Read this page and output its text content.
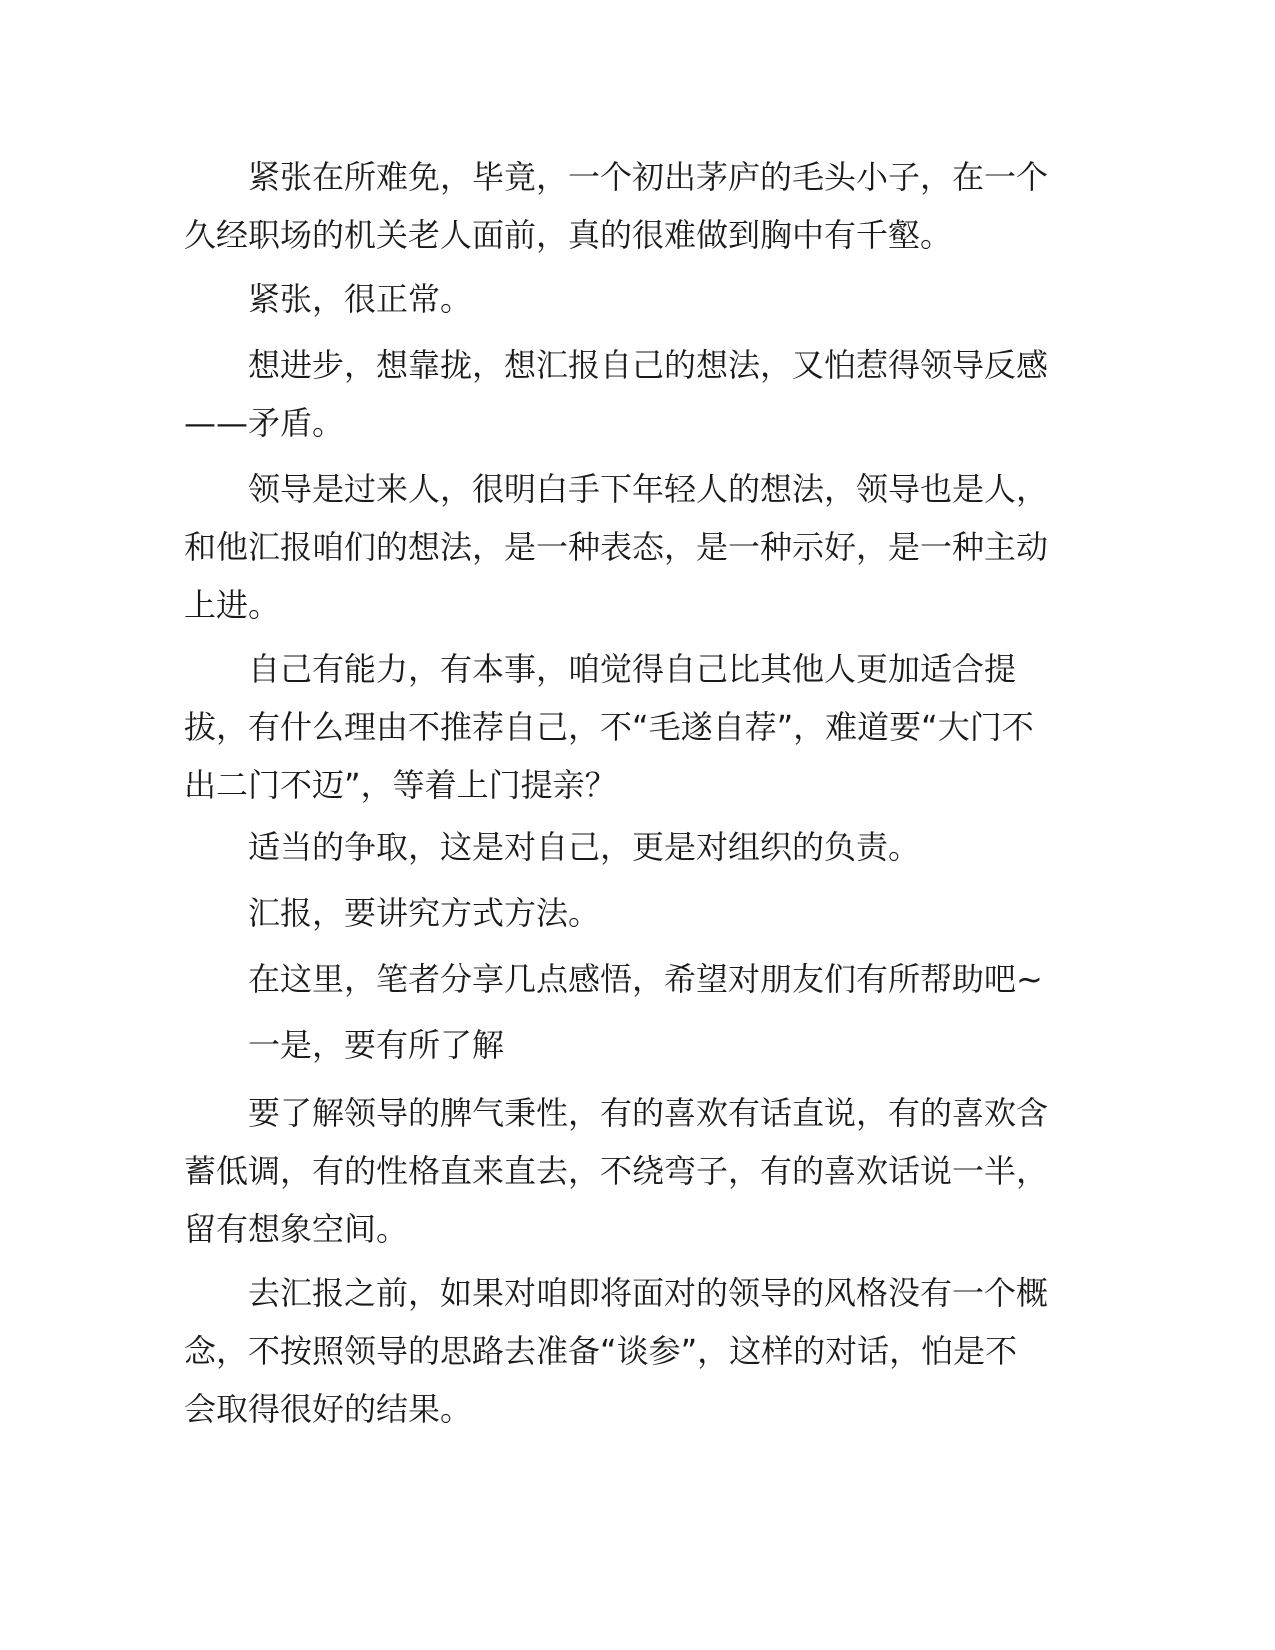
紧张在所难免，毕竟，一个初出茅庐的毛头小子，在一个
久经职场的机关老人面前，真的很难做到胸中有千壑。

紧张，很正常。

想进步，想靠拢，想汇报自己的想法，又怕惹得领导反感
——矛盾。

领导是过来人，很明白手下年轻人的想法，领导也是人，
和他汇报咱们的想法，是一种表态，是一种示好，是一种主动
上进。

自己有能力，有本事，咱觉得自己比其他人更加适合提
拔，有什么理由不推荐自己，不“毛遂自荐”，难道要“大门不
出二门不迈”，等着上门提亲？

适当的争取，这是对自己，更是对组织的负责。

汇报，要讲究方式方法。

在这里，笔者分享几点感悟，希望对朋友们有所帮助吧~

一是，要有所了解

要了解领导的脾气秉性，有的喜欢有话直说，有的喜欢含
蓄低调，有的性格直来直去，不绕弯子，有的喜欢话说一半，
留有想象空间。

去汇报之前，如果对咱即将面对的领导的风格没有一个概
念，不按照领导的思路去准备“谈参”，这样的对话，怕是不
会取得很好的结果。
